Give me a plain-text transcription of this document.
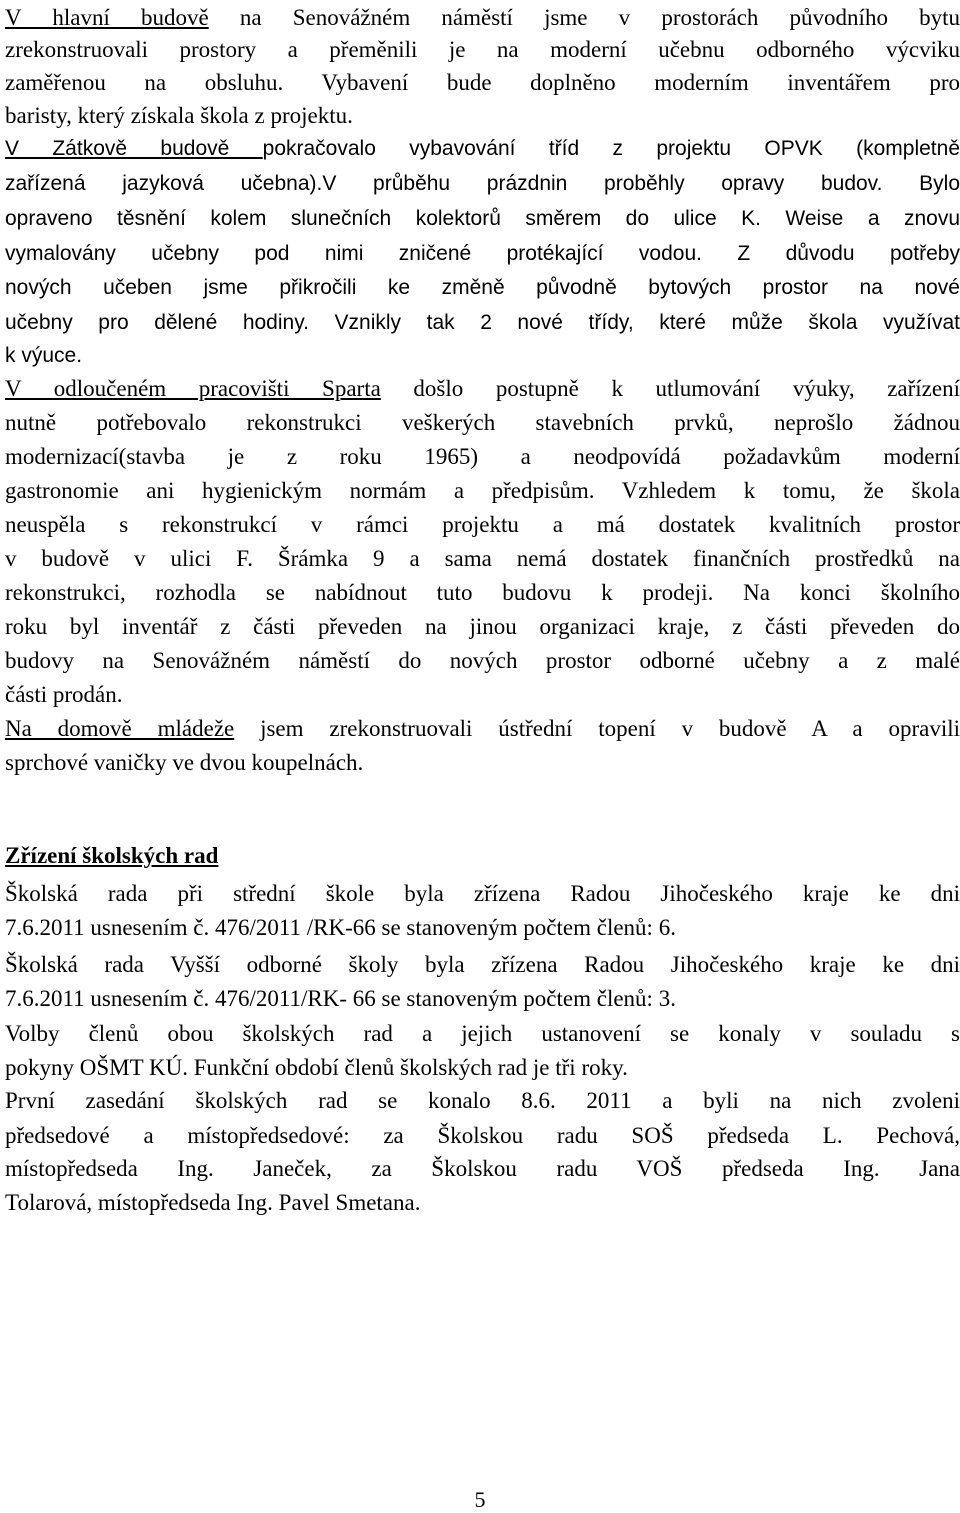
V hlavní budově na Senovážném náměstí jsme v prostorách původního bytu
zrekonstruovali prostory a přeměnili je na moderní učebnu odborného výcviku
zaměřenou na obsluhu. Vybavení bude doplněno moderním inventářem pro
baristy, který získala škola z projektu.
V Zátkově budově pokračovalo vybavování tříd z projektu OPVK (kompletně
zařízená jazyková učebna).V průběhu prázdnin proběhly opravy budov. Bylo
opraveno těsnění kolem slunečních kolektorů směrem do ulice K. Weise a znovu
vymalovány učebny pod nimi zničené protékající vodou. Z důvodu potřeby
nových učeben jsme přikročili ke změně původně bytových prostor na nové
učebny pro dělené hodiny. Vznikly tak 2 nové třídy, které může škola využívat
k výuce.
V odloučeném pracovišti Sparta došlo postupně k utlumování výuky, zařízení
nutně potřebovalo rekonstrukci veškerých stavebních prvků, neprošlo žádnou
modernizací(stavba je z roku 1965) a neodpovídá požadavkům moderní
gastronomie ani hygienickým normám a předpisům. Vzhledem k tomu, že škola
neuspěla s rekonstrukcí v rámci projektu a má dostatek kvalitních prostor
v budově v ulici F. Šrámka 9 a sama nemá dostatek finančních prostředků na
rekonstrukci, rozhodla se nabídnout tuto budovu k prodeji. Na konci školního
roku byl inventář z části převeden na jinou organizaci kraje, z části převeden do
budovy na Senovážném náměstí do nových prostor odborné učebny a z malé
části prodán.
Na domově mládeže jsem zrekonstruovali ústřední topení v budově A a opravili
sprchové vaničky ve dvou koupelnách.
Zřízení školských rad
Školská rada při střední škole byla zřízena Radou Jihočeského kraje ke dni
7.6.2011 usnesením č. 476/2011 /RK-66 se stanoveným počtem členů: 6.
Školská rada Vyšší odborné školy byla zřízena Radou Jihočeského kraje ke dni
7.6.2011 usnesením č. 476/2011/RK- 66 se stanoveným počtem členů: 3.
Volby členů obou školských rad a jejich ustanovení se konaly v souladu s
pokyny OŠMT KÚ. Funkční období členů školských rad je tři roky.
První zasedání školských rad se konalo 8.6. 2011 a byli na nich zvoleni
předsedové a místopředsedové: za Školskou radu SOŠ předseda L. Pechová,
místopředseda Ing. Janeček, za Školskou radu VOŠ předseda Ing. Jana
Tolarová, místopředseda Ing. Pavel Smetana.
5
